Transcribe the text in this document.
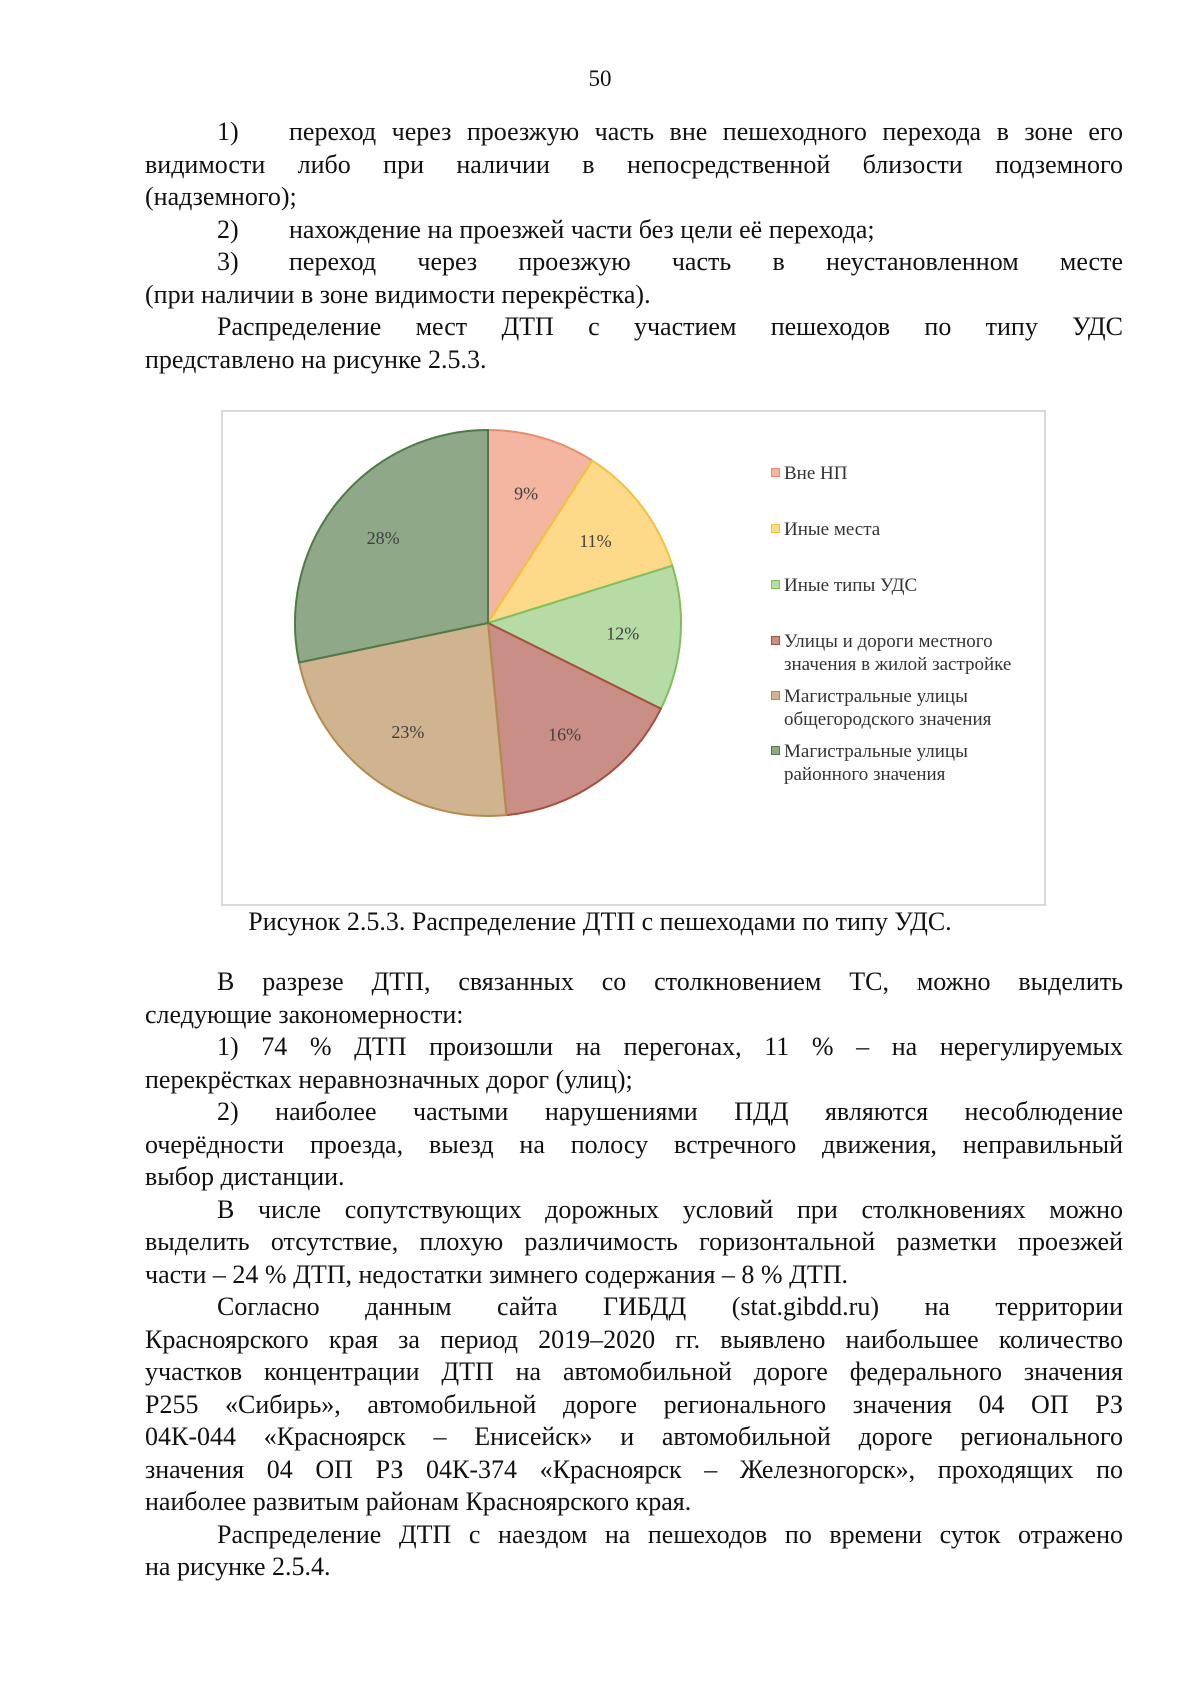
50
1) переход через проезжую часть вне пешеходного перехода в зоне его
видимости либо при наличии в непосредственной близости подземного
(надземного);
2) нахождение на проезжей части без цели её перехода;
3) переход через проезжую часть в неустановленном месте
(при наличии в зоне видимости перекрёстка).
Распределение мест ДТП с участием пешеходов по типу УДС
представлено на рисунке 2.5.3.
9%
11%
12%
16%
23%
28%
Вне НП
Иные места
Иные типы УДС
Улицы и дороги местного
значения в жилой застройке
Магистральные улицы
общегородского значения
Магистральные улицы
районного значения
Рисунок 2.5.3. Распределение ДТП с пешеходами по типу УДС.
В разрезе ДТП, связанных со столкновением ТС, можно выделить
следующие закономерности:
1) 74 % ДТП произошли на перегонах, 11 % – на нерегулируемых
перекрёстках неравнозначных дорог (улиц);
2) наиболее частыми нарушениями ПДД являются несоблюдение
очерёдности проезда, выезд на полосу встречного движения, неправильный
выбор дистанции.
В числе сопутствующих дорожных условий при столкновениях можно
выделить отсутствие, плохую различимость горизонтальной разметки проезжей
части – 24 % ДТП, недостатки зимнего содержания – 8 % ДТП.
Согласно данным сайта ГИБДД (stat.gibdd.ru) на территории
Красноярского края за период 2019–2020 гг. выявлено наибольшее количество
участков концентрации ДТП на автомобильной дороге федерального значения
Р255 «Сибирь», автомобильной дороге регионального значения 04 ОП РЗ
04К-044 «Красноярск – Енисейск» и автомобильной дороге регионального
значения 04 ОП РЗ 04К-374 «Красноярск – Железногорск», проходящих по
наиболее развитым районам Красноярского края.
Распределение ДТП с наездом на пешеходов по времени суток отражено
на рисунке 2.5.4.
